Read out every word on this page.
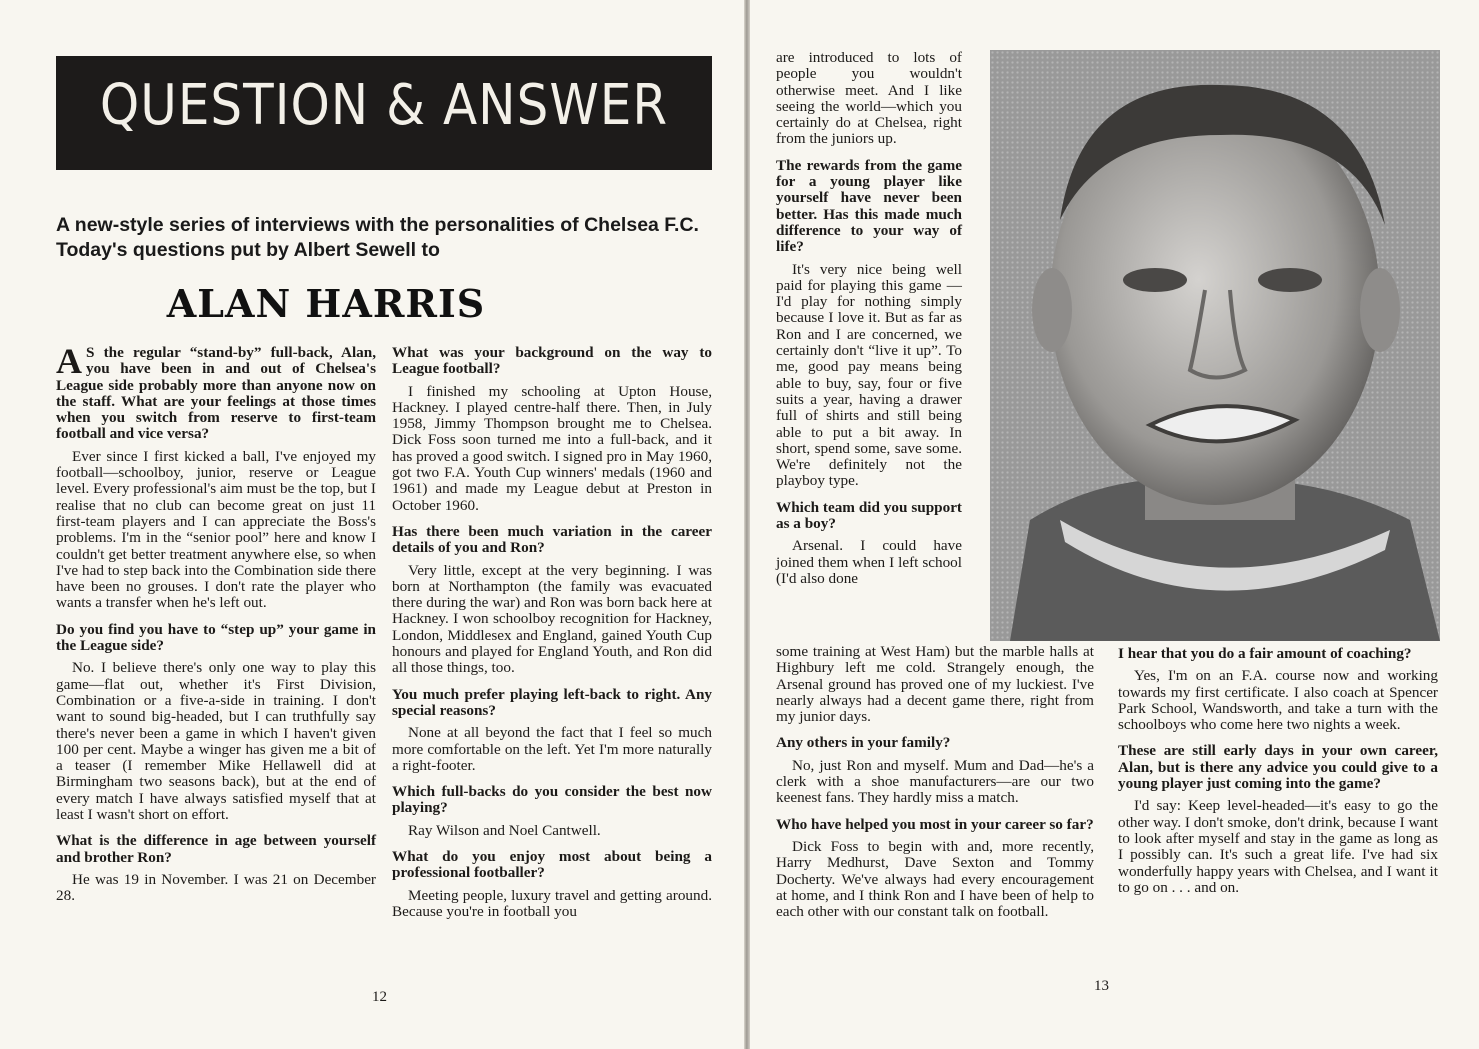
QUESTION & ANSWER
A new-style series of interviews with the personalities of Chelsea F.C. Today's questions put by Albert Sewell to
ALAN HARRIS

AS the regular “stand-by” full-back, Alan, you have been in and out of Chelsea's League side probably more than anyone now on the staff. What are your feelings at those times when you switch from reserve to first-team football and vice versa?

Ever since I first kicked a ball, I've enjoyed my football—schoolboy, junior, reserve or League level. Every professional's aim must be the top, but I realise that no club can become great on just 11 first-team players and I can appreciate the Boss's problems. I'm in the “senior pool” here and know I couldn't get better treatment anywhere else, so when I've had to step back into the Combination side there have been no grouses. I don't rate the player who wants a transfer when he's left out.

Do you find you have to “step up” your game in the League side?

No. I believe there's only one way to play this game—flat out, whether it's First Division, Combination or a five-a-side in training. I don't want to sound big-headed, but I can truthfully say there's never been a game in which I haven't given 100 per cent. Maybe a winger has given me a bit of a teaser (I remember Mike Hellawell did at Birmingham two seasons back), but at the end of every match I have always satisfied myself that at least I wasn't short on effort.

What is the difference in age between yourself and brother Ron?

He was 19 in November. I was 21 on December 28.

What was your background on the way to League football?

I finished my schooling at Upton House, Hackney. I played centre-half there. Then, in July 1958, Jimmy Thompson brought me to Chelsea. Dick Foss soon turned me into a full-back, and it has proved a good switch. I signed pro in May 1960, got two F.A. Youth Cup winners' medals (1960 and 1961) and made my League debut at Preston in October 1960.

Has there been much variation in the career details of you and Ron?

Very little, except at the very beginning. I was born at Northampton (the family was evacuated there during the war) and Ron was born back here at Hackney. I won schoolboy recognition for Hackney, London, Middlesex and England, gained Youth Cup honours and played for England Youth, and Ron did all those things, too.

You much prefer playing left-back to right. Any special reasons?

None at all beyond the fact that I feel so much more comfortable on the left. Yet I'm more naturally a right-footer.

Which full-backs do you consider the best now playing?

Ray Wilson and Noel Cantwell.

What do you enjoy most about being a professional footballer?

Meeting people, luxury travel and getting around. Because you're in football you

are introduced to lots of people you wouldn't otherwise meet. And I like seeing the world—which you certainly do at Chelsea, right from the juniors up.

The rewards from the game for a young player like yourself have never been better. Has this made much difference to your way of life?

It's very nice being well paid for playing this game — I'd play for nothing simply because I love it. But as far as Ron and I are concerned, we certainly don't “live it up”. To me, good pay means being able to buy, say, four or five suits a year, having a drawer full of shirts and still being able to put a bit away. In short, spend some, save some. We're definitely not the playboy type.

Which team did you support as a boy?

Arsenal. I could have joined them when I left school (I'd also done

some training at West Ham) but the marble halls at Highbury left me cold. Strangely enough, the Arsenal ground has proved one of my luckiest. I've nearly always had a decent game there, right from my junior days.

Any others in your family?

No, just Ron and myself. Mum and Dad—he's a clerk with a shoe manufacturers—are our two keenest fans. They hardly miss a match.

Who have helped you most in your career so far?

Dick Foss to begin with and, more recently, Harry Medhurst, Dave Sexton and Tommy Docherty. We've always had every encouragement at home, and I think Ron and I have been of help to each other with our constant talk on football.

I hear that you do a fair amount of coaching?

Yes, I'm on an F.A. course now and working towards my first certificate. I also coach at Spencer Park School, Wandsworth, and take a turn with the schoolboys who come here two nights a week.

These are still early days in your own career, Alan, but is there any advice you could give to a young player just coming into the game?

I'd say: Keep level-headed—it's easy to go the other way. I don't smoke, don't drink, because I want to look after myself and stay in the game as long as I possibly can. It's such a great life. I've had six wonderfully happy years with Chelsea, and I want it to go on . . . and on.

12
13
